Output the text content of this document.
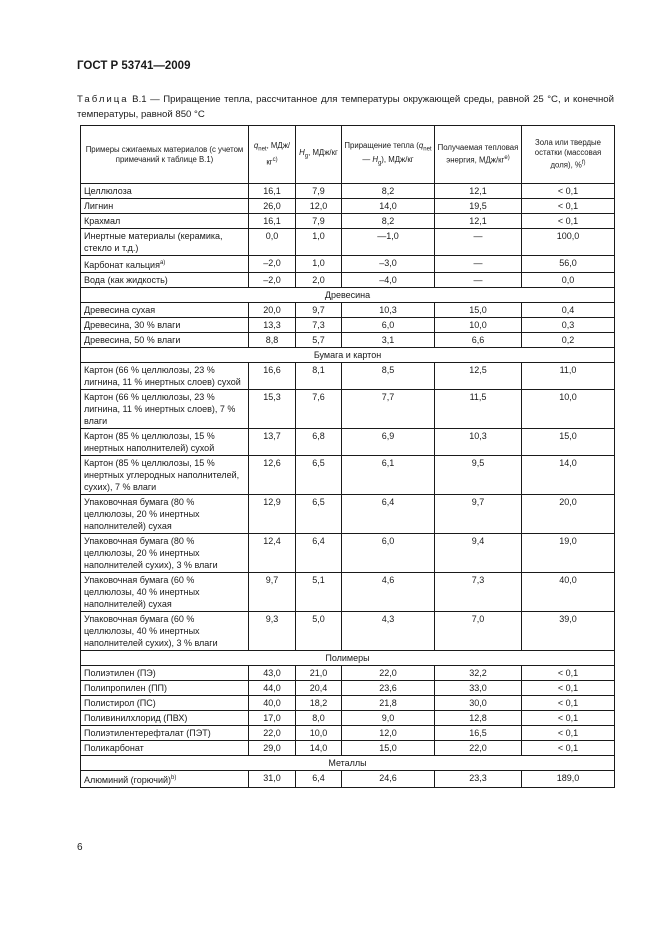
ГОСТ Р 53741—2009
Таблица В.1 — Приращение тепла, рассчитанное для температуры окружающей среды, равной 25 °С, и конечной температуры, равной 850 °С
Примеры сжигаемых материалов (с учетом примечаний к таблице В.1)	$q_{net}$, МДж/$кг^{c)}$	$H_g$, МДж/кг	Приращение тепла ($q_{net}$ — $H_g$), МДж/кг	Получаемая тепловая энергия, МДж/$кг^{e)}$	Зола или твердые остатки (массовая доля), %$^{f)}$
Целлюлоза	16,1	7,9	8,2	12,1	< 0,1
Лигнин	26,0	12,0	14,0	19,5	< 0,1
Крахмал	16,1	7,9	8,2	12,1	< 0,1
Инертные материалы (керамика, стекло и т.д.)	0,0	1,0	—1,0	—	100,0
Карбонат кальция$^{a)}$	–2,0	1,0	–3,0	—	56,0
Вода (как жидкость)	–2,0	2,0	–4,0	—	0,0
Древесина					
Древесина сухая	20,0	9,7	10,3	15,0	0,4
Древесина, 30 % влаги	13,3	7,3	6,0	10,0	0,3
Древесина, 50 % влаги	8,8	5,7	3,1	6,6	0,2
Бумага и картон					
Картон (66 % целлюлозы, 23 % лигнина, 11 % инертных слоев) сухой	16,6	8,1	8,5	12,5	11,0
Картон (66 % целлюлозы, 23 % лигнина, 11 % инертных слоев), 7 % влаги	15,3	7,6	7,7	11,5	10,0
Картон (85 % целлюлозы, 15 % инертных наполнителей) сухой	13,7	6,8	6,9	10,3	15,0
Картон (85 % целлюлозы, 15 % инертных углеродных наполнителей, сухих), 7 % влаги	12,6	6,5	6,1	9,5	14,0
Упаковочная бумага (80 % целлюлозы, 20 % инертных наполнителей) сухая	12,9	6,5	6,4	9,7	20,0
Упаковочная бумага (80 % целлюлозы, 20 % инертных наполнителей сухих), 3 % влаги	12,4	6,4	6,0	9,4	19,0
Упаковочная бумага (60 % целлюлозы, 40 % инертных наполнителей) сухая	9,7	5,1	4,6	7,3	40,0
Упаковочная бумага (60 % целлюлозы, 40 % инертных наполнителей сухих), 3 % влаги	9,3	5,0	4,3	7,0	39,0
Полимеры					
Полиэтилен (ПЭ)	43,0	21,0	22,0	32,2	< 0,1
Полипропилен (ПП)	44,0	20,4	23,6	33,0	< 0,1
Полистирол (ПС)	40,0	18,2	21,8	30,0	< 0,1
Поливинилхлорид (ПВХ)	17,0	8,0	9,0	12,8	< 0,1
Полиэтилентерефталат (ПЭТ)	22,0	10,0	12,0	16,5	< 0,1
Поликарбонат	29,0	14,0	15,0	22,0	< 0,1
Металлы					
Алюминий (горючий)$^{b)}$	31,0	6,4	24,6	23,3	189,0
6
